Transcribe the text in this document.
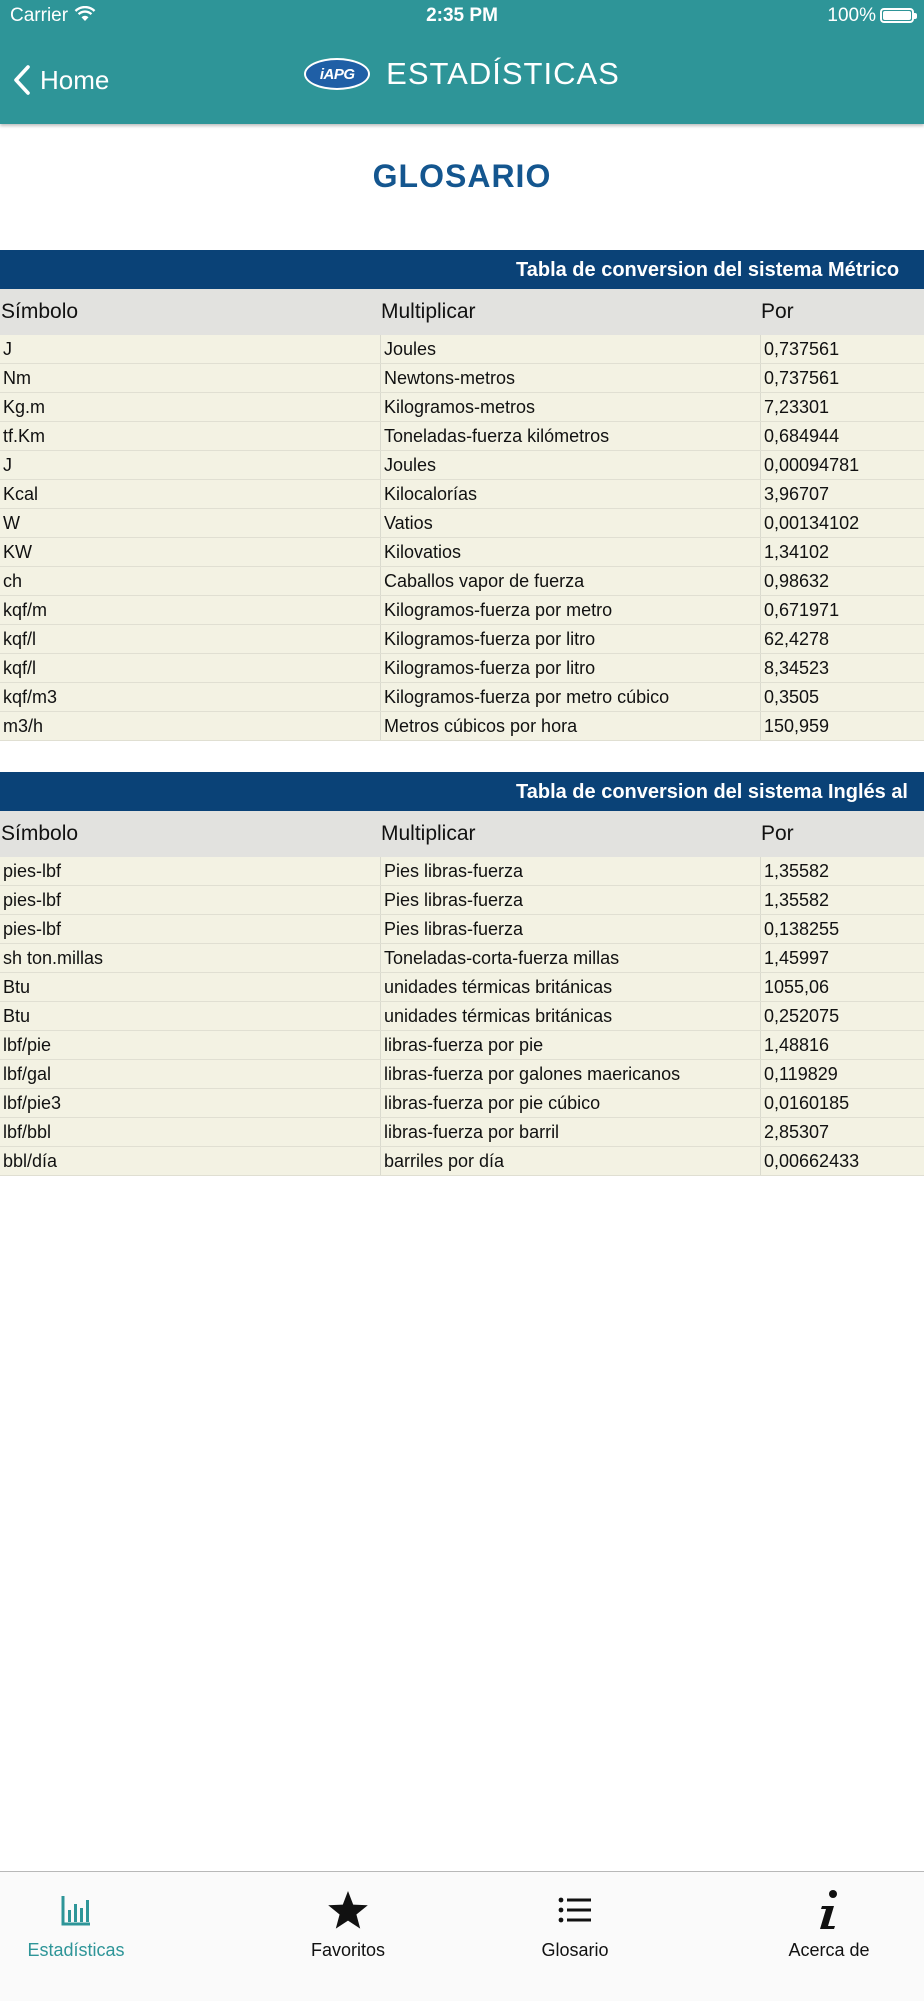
Carrier	2:35 PM	100%
Home	iAPG ESTADÍSTICAS
GLOSARIO
Tabla de conversion del sistema Métrico
Símbolo	Multiplicar	Por
J	Joules	0,737561
Nm	Newtons-metros	0,737561
Kg.m	Kilogramos-metros	7,23301
tf.Km	Toneladas-fuerza kilómetros	0,684944
J	Joules	0,00094781
Kcal	Kilocalorías	3,96707
W	Vatios	0,00134102
KW	Kilovatios	1,34102
ch	Caballos vapor de fuerza	0,98632
kqf/m	Kilogramos-fuerza por metro	0,671971
kqf/l	Kilogramos-fuerza por litro	62,4278
kqf/l	Kilogramos-fuerza por litro	8,34523
kqf/m3	Kilogramos-fuerza por metro cúbico	0,3505
m3/h	Metros cúbicos por hora	150,959
Tabla de conversion del sistema Inglés al
Símbolo	Multiplicar	Por
pies-lbf	Pies libras-fuerza	1,35582
pies-lbf	Pies libras-fuerza	1,35582
pies-lbf	Pies libras-fuerza	0,138255
sh ton.millas	Toneladas-corta-fuerza millas	1,45997
Btu	unidades térmicas británicas	1055,06
Btu	unidades térmicas británicas	0,252075
lbf/pie	libras-fuerza por pie	1,48816
lbf/gal	libras-fuerza por galones maericanos	0,119829
lbf/pie3	libras-fuerza por pie cúbico	0,0160185
lbf/bbl	libras-fuerza por barril	2,85307
bbl/día	barriles por día	0,00662433
Estadísticas	Favoritos	Glosario	Acerca de
